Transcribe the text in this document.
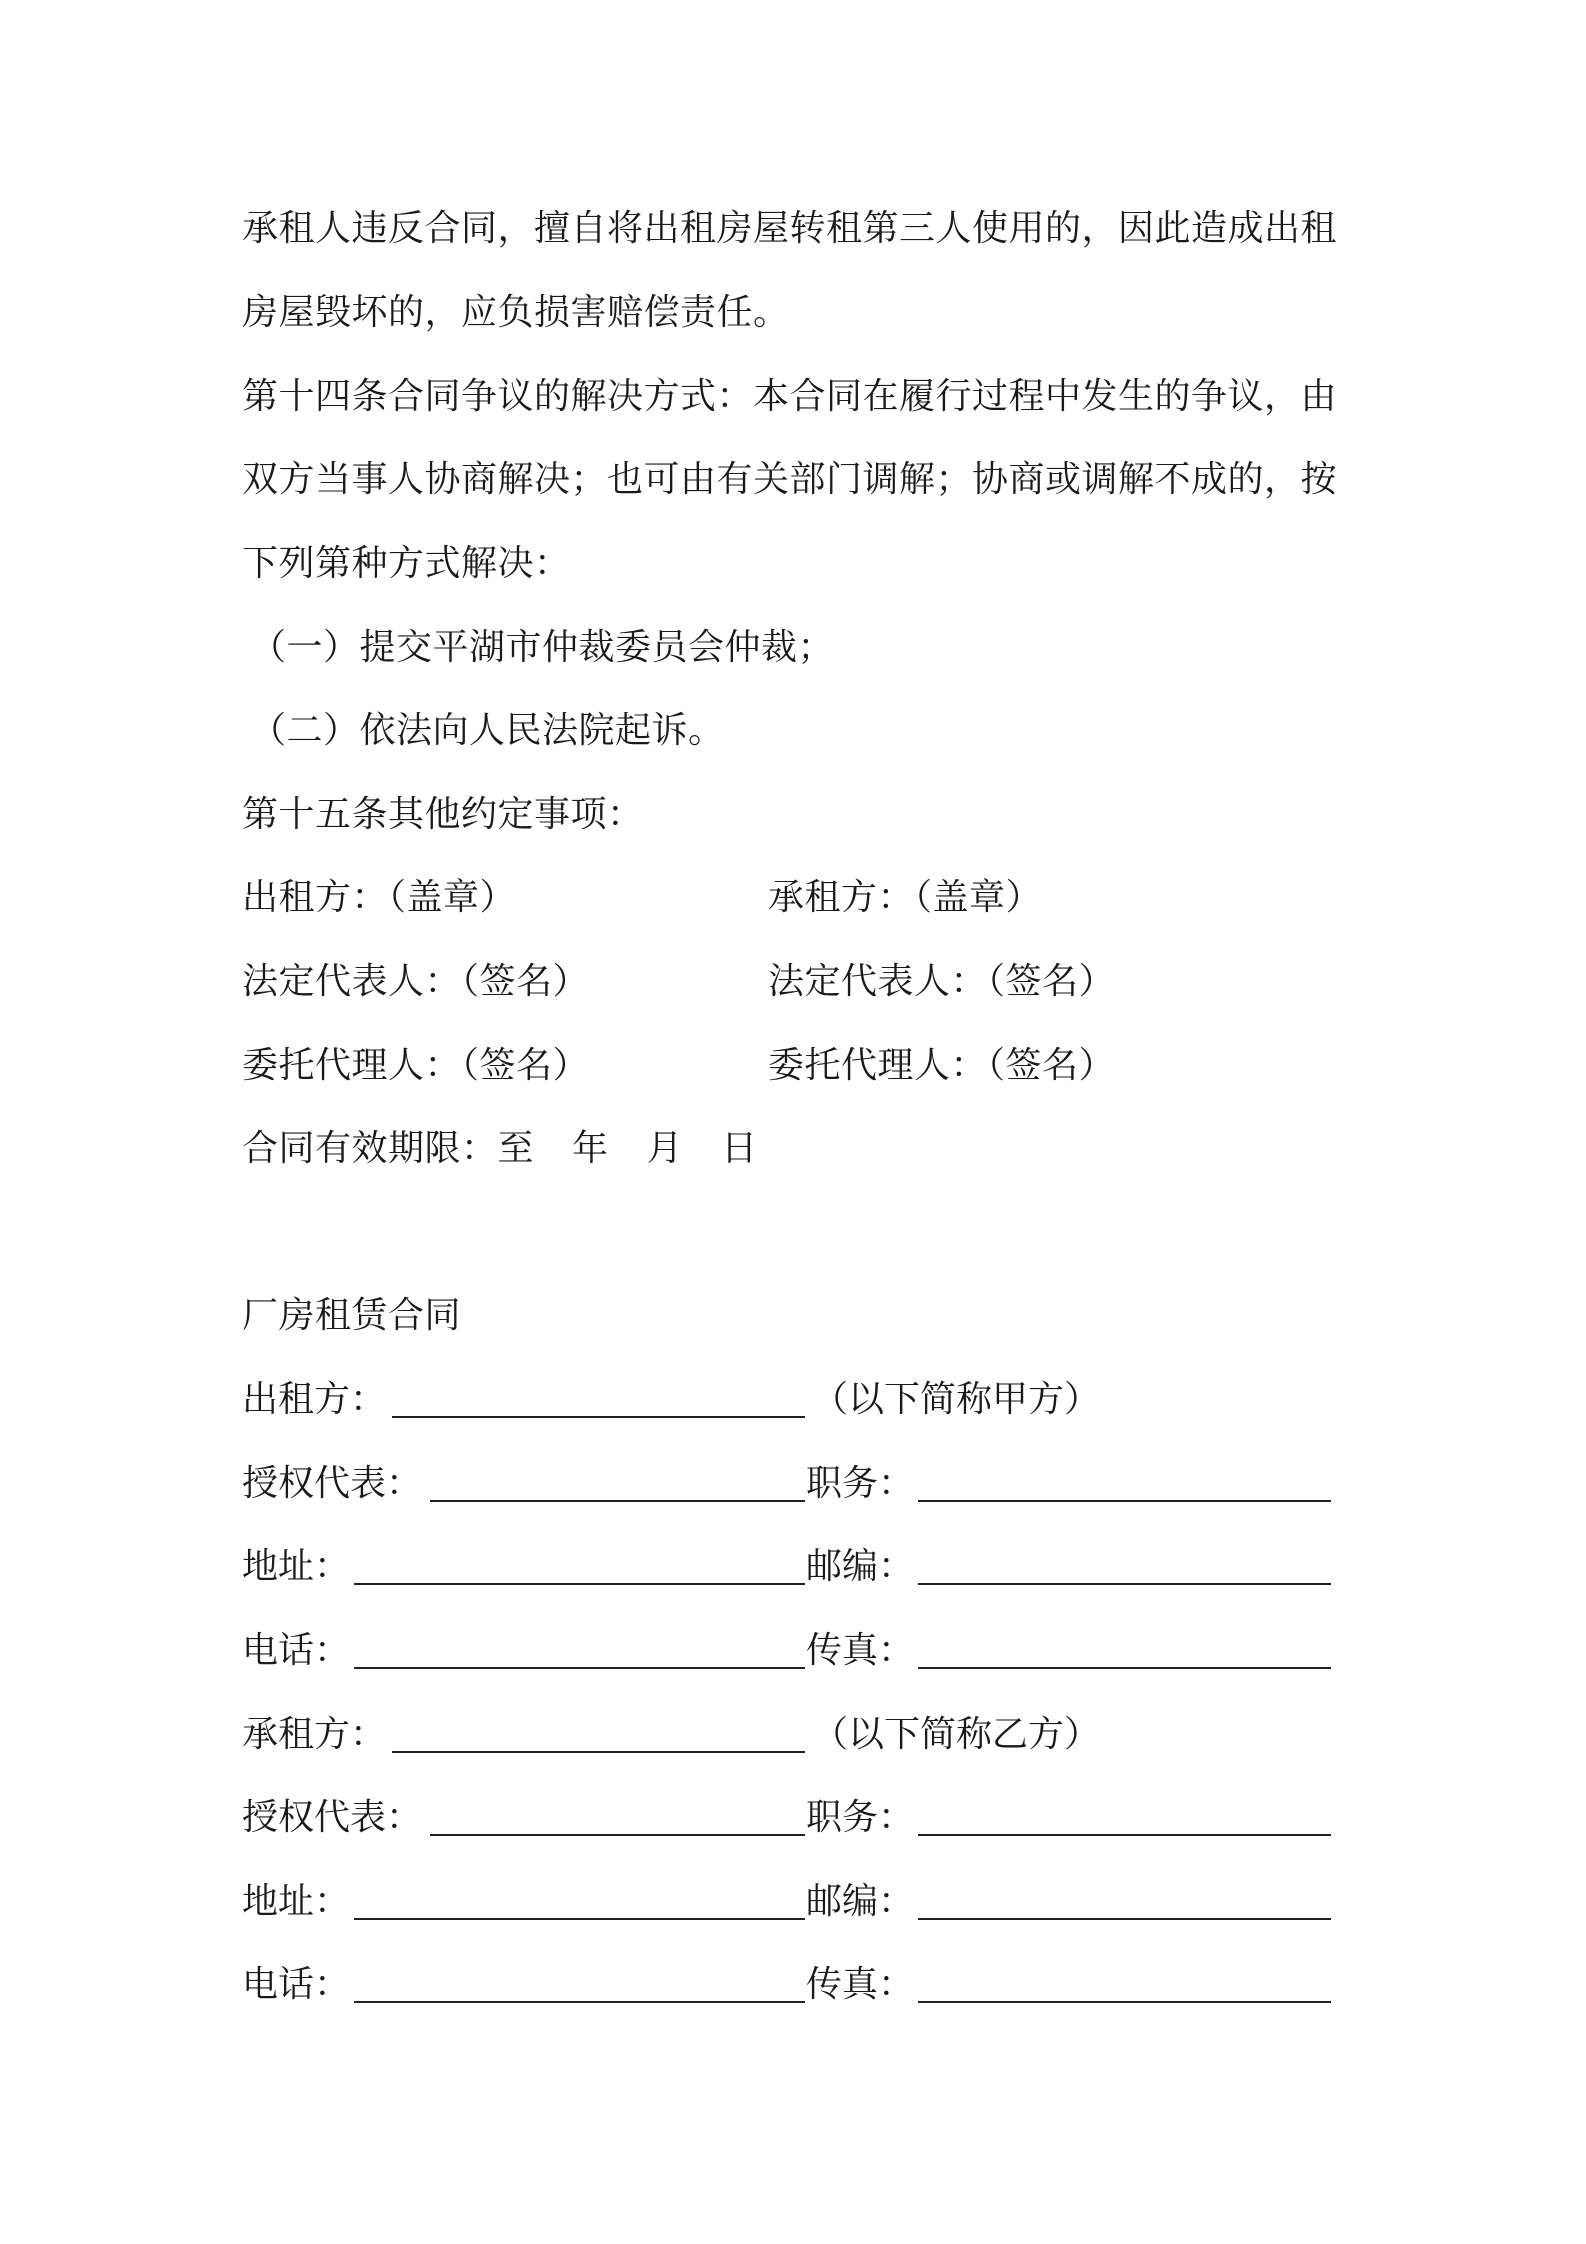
承租人违反合同，擅自将出租房屋转租第三人使用的，因此造成出租
房屋毁坏的，应负损害赔偿责任。
第十四条合同争议的解决方式：本合同在履行过程中发生的争议，由
双方当事人协商解决；也可由有关部门调解；协商或调解不成的，按
下列第种方式解决：
（一）提交平湖市仲裁委员会仲裁；
（二）依法向人民法院起诉。
第十五条其他约定事项：
出租方：（盖章）	承租方：（盖章）
法定代表人：（签名）	法定代表人：（签名）
委托代理人：（签名）	委托代理人：（签名）
合同有效期限：至 年 月 日
厂房租赁合同
出租方：	（以下简称甲方）
授权代表：	职务：
地址：	邮编：
电话：	传真：
承租方：	（以下简称乙方）
授权代表：	职务：
地址：	邮编：
电话：	传真：
